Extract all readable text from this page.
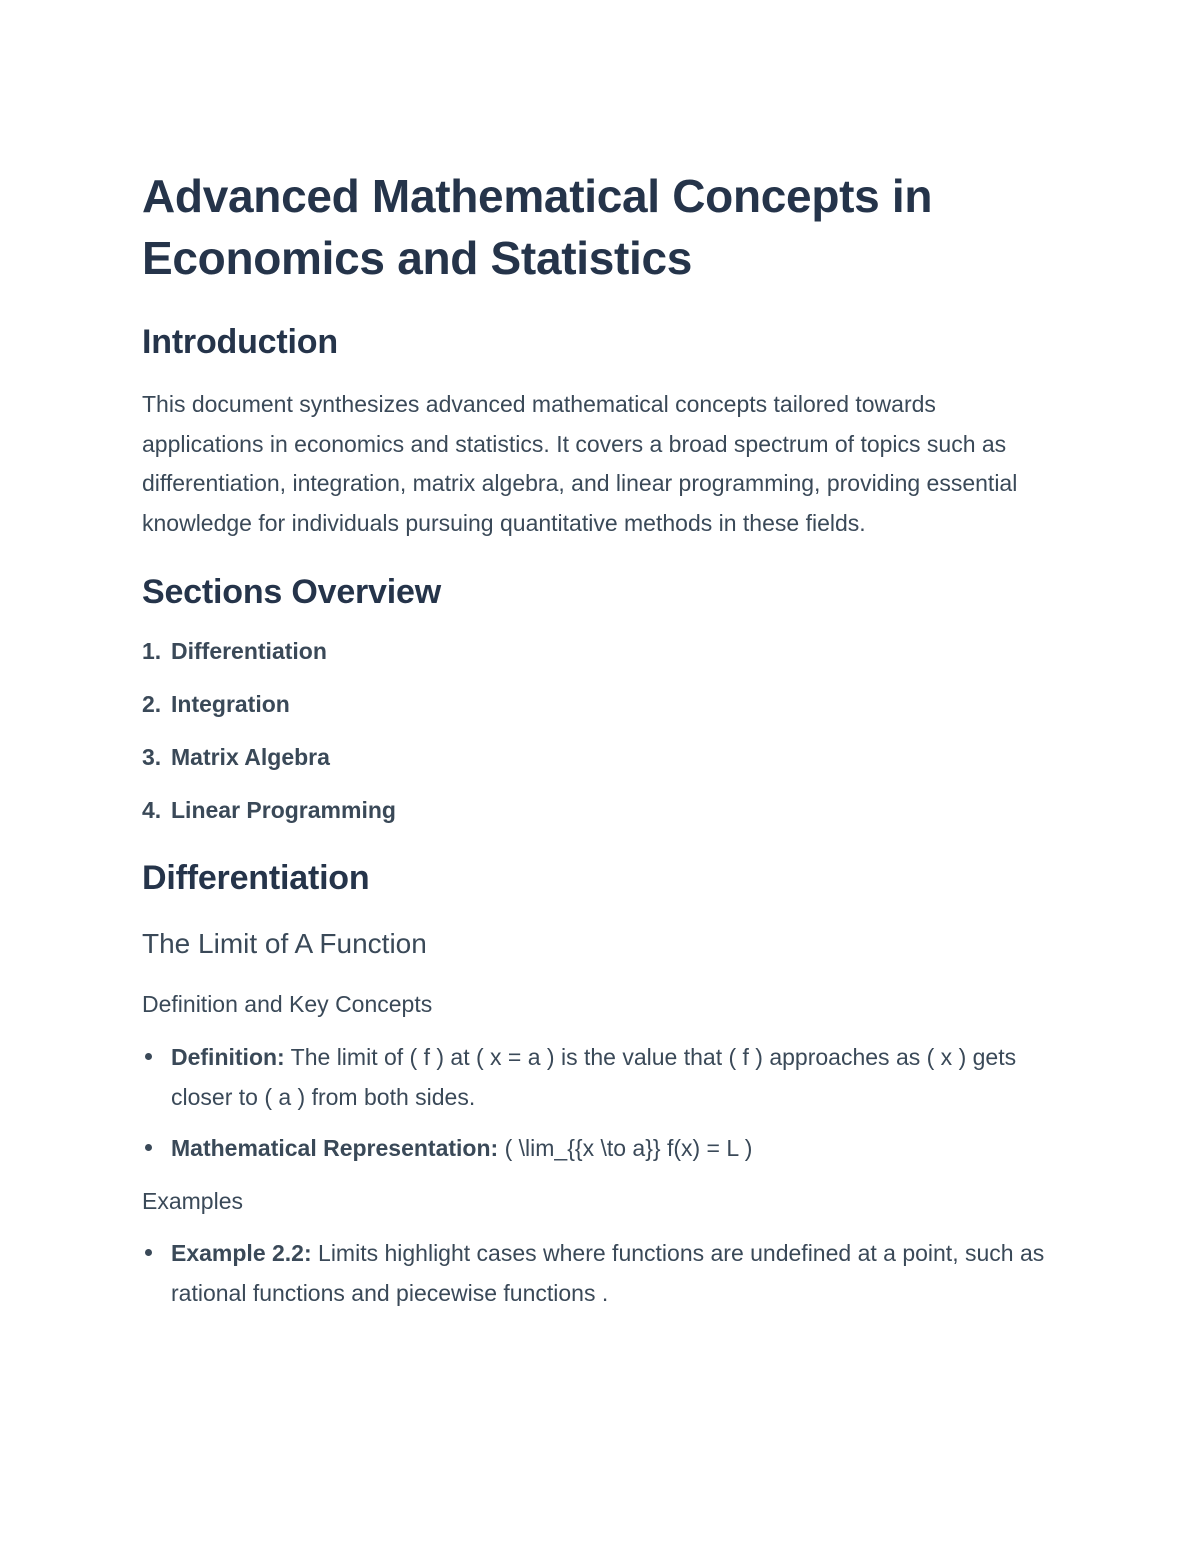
Advanced Mathematical Concepts in Economics and Statistics
Introduction

This document synthesizes advanced mathematical concepts tailored towards applications in economics and statistics. It covers a broad spectrum of topics such as differentiation, integration, matrix algebra, and linear programming, providing essential knowledge for individuals pursuing quantitative methods in these fields.

Sections Overview
1. Differentiation
2. Integration
3. Matrix Algebra
4. Linear Programming
Differentiation
The Limit of A Function
Definition and Key Concepts
Definition: The limit of ( f ) at ( x = a ) is the value that ( f ) approaches as ( x ) gets closer to ( a ) from both sides.
Mathematical Representation: ( \lim_{{x \to a}} f(x) = L )
Examples
Example 2.2: Limits highlight cases where functions are undefined at a point, such as rational functions and piecewise functions .
